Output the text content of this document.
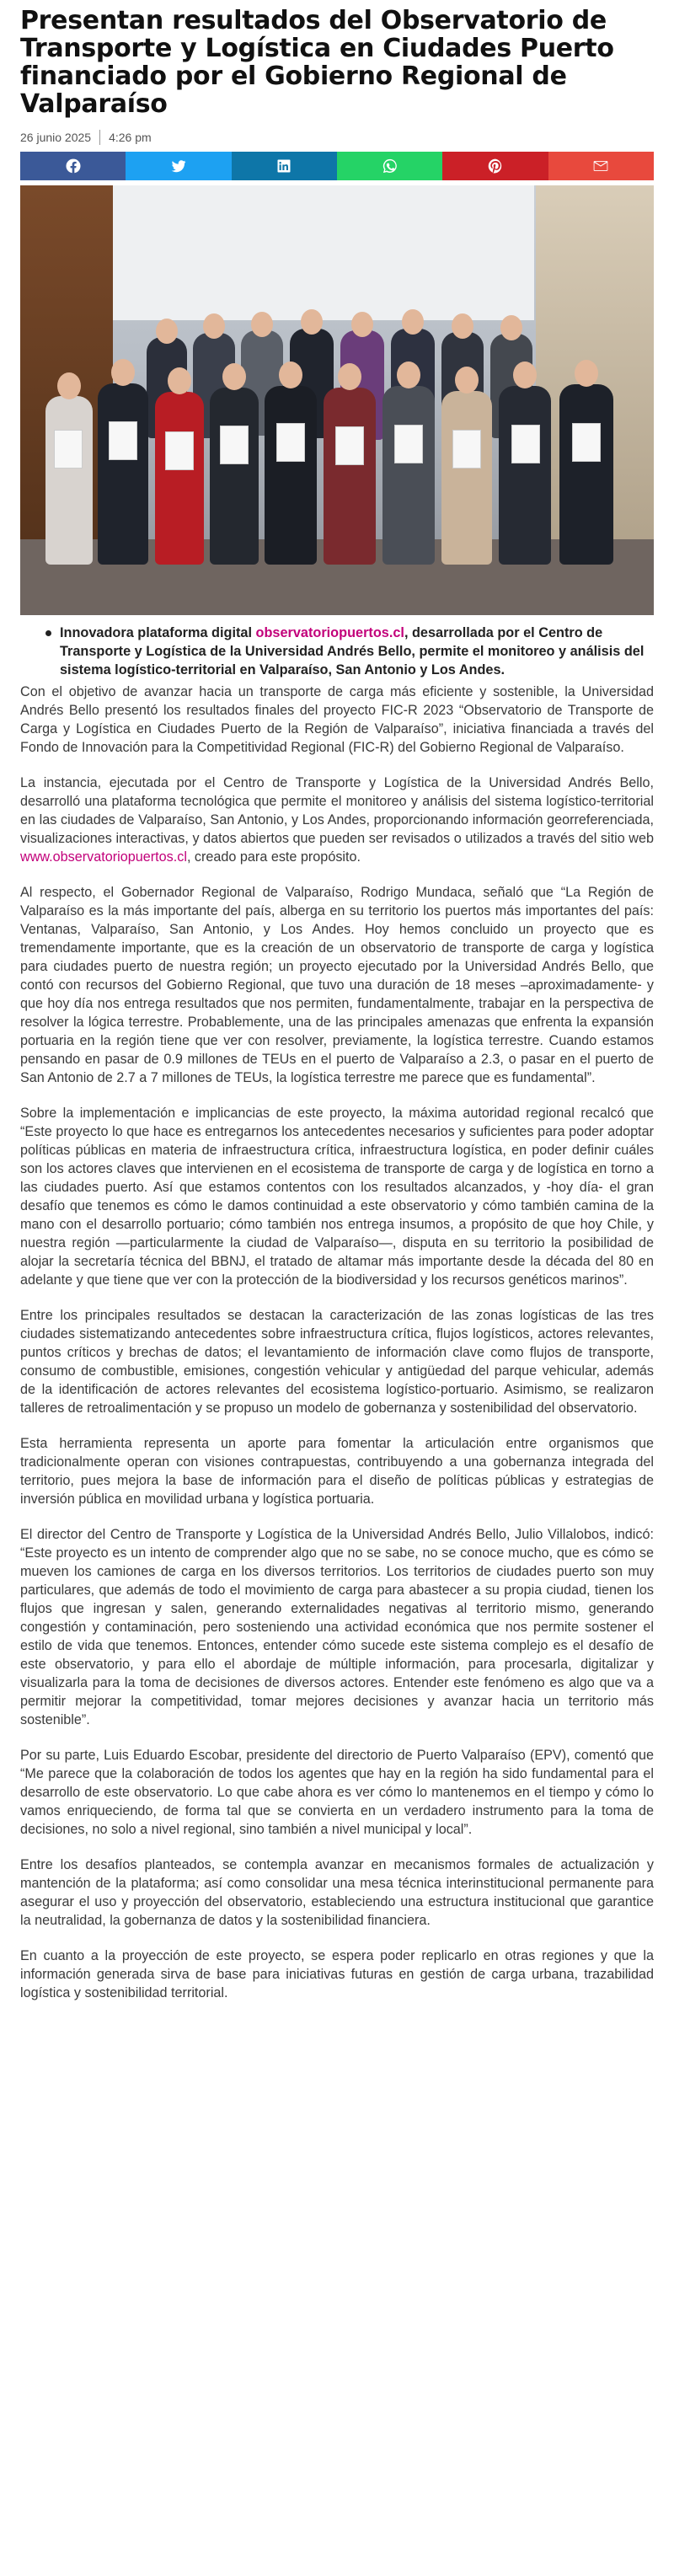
Presentan resultados del Observatorio de Transporte y Logística en Ciudades Puerto financiado por el Gobierno Regional de Valparaíso
26 junio 2025 4:26 pm
Innovadora plataforma digital observatoriopuertos.cl, desarrollada por el Centro de Transporte y Logística de la Universidad Andrés Bello, permite el monitoreo y análisis del sistema logístico-territorial en Valparaíso, San Antonio y Los Andes.

Con el objetivo de avanzar hacia un transporte de carga más eficiente y sostenible, la Universidad Andrés Bello presentó los resultados finales del proyecto FIC-R 2023 “Observatorio de Transporte de Carga y Logística en Ciudades Puerto de la Región de Valparaíso”, iniciativa financiada a través del Fondo de Innovación para la Competitividad Regional (FIC-R) del Gobierno Regional de Valparaíso.

La instancia, ejecutada por el Centro de Transporte y Logística de la Universidad Andrés Bello, desarrolló una plataforma tecnológica que permite el monitoreo y análisis del sistema logístico-territorial en las ciudades de Valparaíso, San Antonio, y Los Andes, proporcionando información georreferenciada, visualizaciones interactivas, y datos abiertos que pueden ser revisados o utilizados a través del sitio web www.observatoriopuertos.cl, creado para este propósito.

Al respecto, el Gobernador Regional de Valparaíso, Rodrigo Mundaca, señaló que “La Región de Valparaíso es la más importante del país, alberga en su territorio los puertos más importantes del país: Ventanas, Valparaíso, San Antonio, y Los Andes. Hoy hemos concluido un proyecto que es tremendamente importante, que es la creación de un observatorio de transporte de carga y logística para ciudades puerto de nuestra región; un proyecto ejecutado por la Universidad Andrés Bello, que contó con recursos del Gobierno Regional, que tuvo una duración de 18 meses –aproximadamente- y que hoy día nos entrega resultados que nos permiten, fundamentalmente, trabajar en la perspectiva de resolver la lógica terrestre. Probablemente, una de las principales amenazas que enfrenta la expansión portuaria en la región tiene que ver con resolver, previamente, la logística terrestre. Cuando estamos pensando en pasar de 0.9 millones de TEUs en el puerto de Valparaíso a 2.3, o pasar en el puerto de San Antonio de 2.7 a 7 millones de TEUs, la logística terrestre me parece que es fundamental”.

Sobre la implementación e implicancias de este proyecto, la máxima autoridad regional recalcó que “Este proyecto lo que hace es entregarnos los antecedentes necesarios y suficientes para poder adoptar políticas públicas en materia de infraestructura crítica, infraestructura logística, en poder definir cuáles son los actores claves que intervienen en el ecosistema de transporte de carga y de logística en torno a las ciudades puerto. Así que estamos contentos con los resultados alcanzados, y -hoy día- el gran desafío que tenemos es cómo le damos continuidad a este observatorio y cómo también camina de la mano con el desarrollo portuario; cómo también nos entrega insumos, a propósito de que hoy Chile, y nuestra región —particularmente la ciudad de Valparaíso—, disputa en su territorio la posibilidad de alojar la secretaría técnica del BBNJ, el tratado de altamar más importante desde la década del 80 en adelante y que tiene que ver con la protección de la biodiversidad y los recursos genéticos marinos”.

Entre los principales resultados se destacan la caracterización de las zonas logísticas de las tres ciudades sistematizando antecedentes sobre infraestructura crítica, flujos logísticos, actores relevantes, puntos críticos y brechas de datos; el levantamiento de información clave como flujos de transporte, consumo de combustible, emisiones, congestión vehicular y antigüedad del parque vehicular, además de la identificación de actores relevantes del ecosistema logístico-portuario. Asimismo, se realizaron talleres de retroalimentación y se propuso un modelo de gobernanza y sostenibilidad del observatorio.

Esta herramienta representa un aporte para fomentar la articulación entre organismos que tradicionalmente operan con visiones contrapuestas, contribuyendo a una gobernanza integrada del territorio, pues mejora la base de información para el diseño de políticas públicas y estrategias de inversión pública en movilidad urbana y logística portuaria.

El director del Centro de Transporte y Logística de la Universidad Andrés Bello, Julio Villalobos, indicó: “Este proyecto es un intento de comprender algo que no se sabe, no se conoce mucho, que es cómo se mueven los camiones de carga en los diversos territorios. Los territorios de ciudades puerto son muy particulares, que además de todo el movimiento de carga para abastecer a su propia ciudad, tienen los flujos que ingresan y salen, generando externalidades negativas al territorio mismo, generando congestión y contaminación, pero sosteniendo una actividad económica que nos permite sostener el estilo de vida que tenemos. Entonces, entender cómo sucede este sistema complejo es el desafío de este observatorio, y para ello el abordaje de múltiple información, para procesarla, digitalizar y visualizarla para la toma de decisiones de diversos actores. Entender este fenómeno es algo que va a permitir mejorar la competitividad, tomar mejores decisiones y avanzar hacia un territorio más sostenible”.

Por su parte, Luis Eduardo Escobar, presidente del directorio de Puerto Valparaíso (EPV), comentó que “Me parece que la colaboración de todos los agentes que hay en la región ha sido fundamental para el desarrollo de este observatorio. Lo que cabe ahora es ver cómo lo mantenemos en el tiempo y cómo lo vamos enriqueciendo, de forma tal que se convierta en un verdadero instrumento para la toma de decisiones, no solo a nivel regional, sino también a nivel municipal y local”.

Entre los desafíos planteados, se contempla avanzar en mecanismos formales de actualización y mantención de la plataforma; así como consolidar una mesa técnica interinstitucional permanente para asegurar el uso y proyección del observatorio, estableciendo una estructura institucional que garantice la neutralidad, la gobernanza de datos y la sostenibilidad financiera.

En cuanto a la proyección de este proyecto, se espera poder replicarlo en otras regiones y que la información generada sirva de base para iniciativas futuras en gestión de carga urbana, trazabilidad logística y sostenibilidad territorial.
